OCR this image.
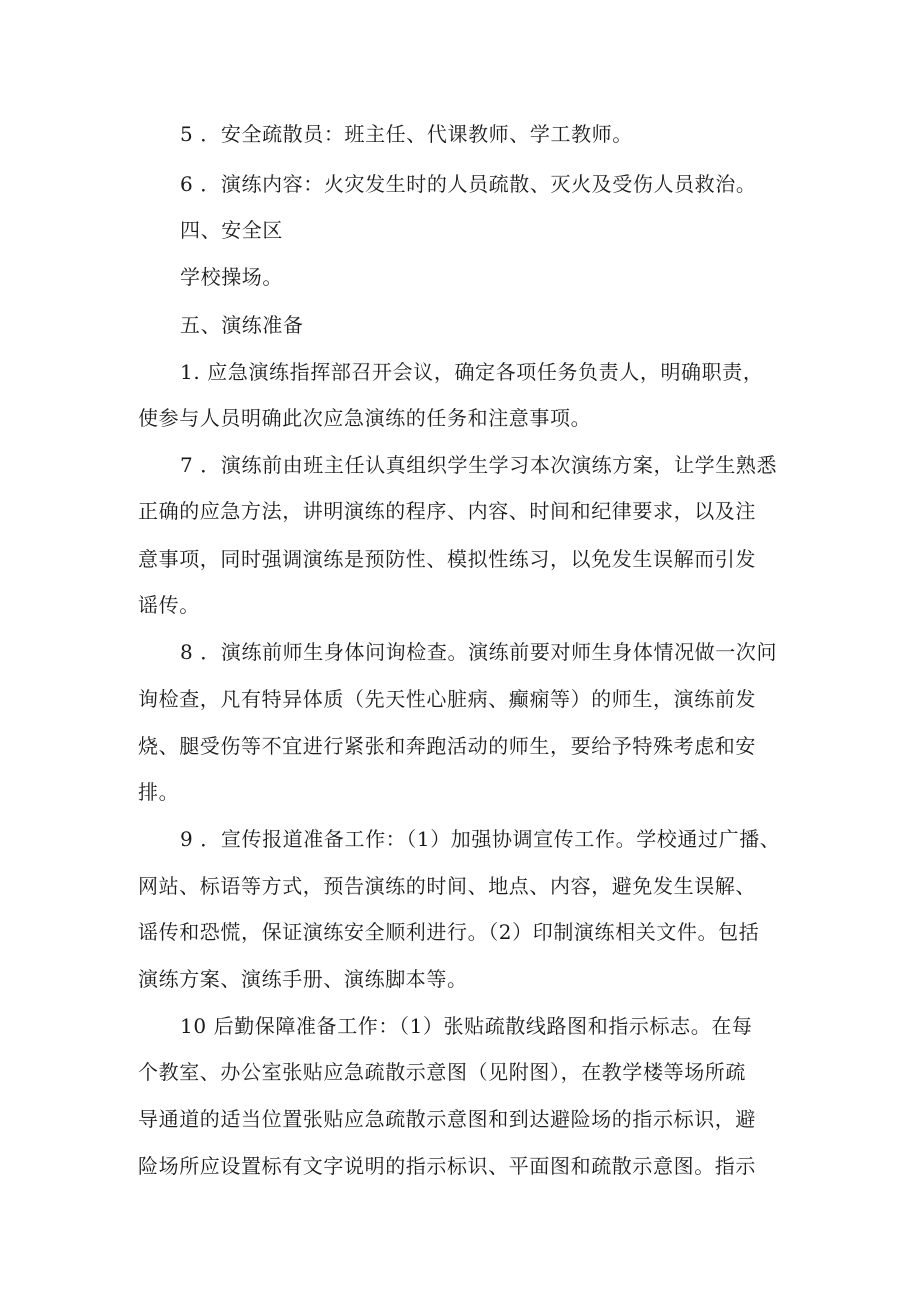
5 ．安全疏散员：班主任、代课教师、学工教师。
6 ．演练内容：火灾发生时的人员疏散、灭火及受伤人员救治。
四、安全区
学校操场。
五、演练准备
1. 应急演练指挥部召开会议，确定各项任务负责人，明确职责，
使参与人员明确此次应急演练的任务和注意事项。
7 ．演练前由班主任认真组织学生学习本次演练方案，让学生熟悉
正确的应急方法，讲明演练的程序、内容、时间和纪律要求，以及注
意事项，同时强调演练是预防性、模拟性练习，以免发生误解而引发
谣传。
8 ．演练前师生身体问询检查。演练前要对师生身体情况做一次问
询检查，凡有特异体质（先天性心脏病、癫痫等）的师生，演练前发
烧、腿受伤等不宜进行紧张和奔跑活动的师生，要给予特殊考虑和安
排。
9 ．宣传报道准备工作：（1）加强协调宣传工作。学校通过广播、
网站、标语等方式，预告演练的时间、地点、内容，避免发生误解、
谣传和恐慌，保证演练安全顺利进行。（2）印制演练相关文件。包括
演练方案、演练手册、演练脚本等。
10 后勤保障准备工作：（1）张贴疏散线路图和指示标志。在每
个教室、办公室张贴应急疏散示意图（见附图），在教学楼等场所疏
导通道的适当位置张贴应急疏散示意图和到达避险场的指示标识，避
险场所应设置标有文字说明的指示标识、平面图和疏散示意图。指示
